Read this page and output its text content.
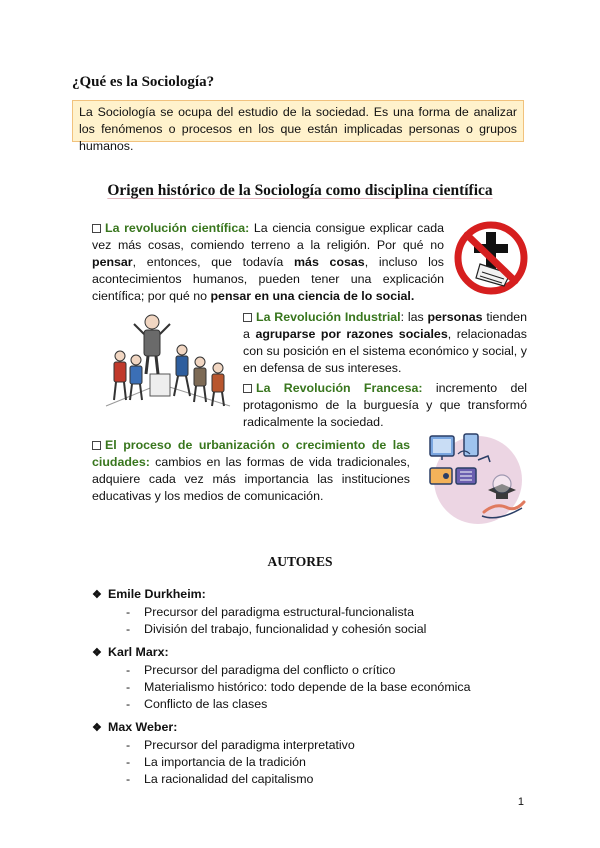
¿Qué es la Sociología?
La Sociología se ocupa del estudio de la sociedad. Es una forma de analizar los fenómenos o procesos en los que están implicadas personas o grupos humanos.
Origen histórico de la Sociología como disciplina científica

La revolución científica: La ciencia consigue explicar cada vez más cosas, comiendo terreno a la religión. Por qué no pensar, entonces, que todavía más cosas, incluso los acontecimientos humanos, pueden tener una explicación científica; por qué no pensar en una ciencia de lo social.

La Revolución Industrial: las personas tienden a agruparse por razones sociales, relacionadas con su posición en el sistema económico y social, y en defensa de sus intereses.

La Revolución Francesa: incremento del protagonismo de la burguesía y que transformó radicalmente la sociedad.

El proceso de urbanización o crecimiento de las ciudades: cambios en las formas de vida tradicionales, adquiere cada vez más importancia las instituciones educativas y los medios de comunicación.

AUTORES
❖ Emile Durkheim:
- Precursor del paradigma estructural-funcionalista
- División del trabajo, funcionalidad y cohesión social
❖ Karl Marx:
- Precursor del paradigma del conflicto o crítico
- Materialismo histórico: todo depende de la base económica
- Conflicto de las clases
❖ Max Weber:
- Precursor del paradigma interpretativo
- La importancia de la tradición
- La racionalidad del capitalismo
1
